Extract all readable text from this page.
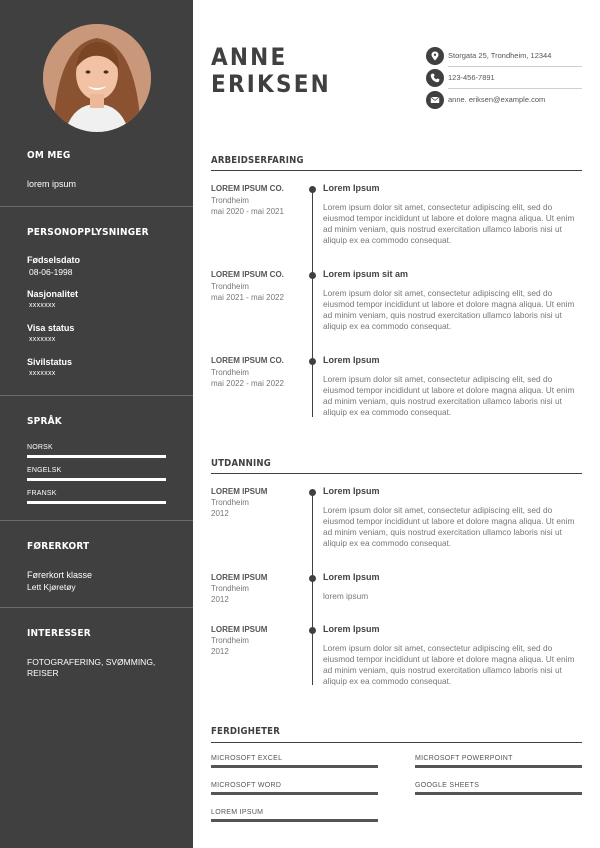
OM MEG
lorem ipsum
PERSONOPPLYSNINGER
Fødselsdato
08-06-1998
Nasjonalitet
xxxxxxx
Visa status
xxxxxxx
Sivilstatus
xxxxxxx
SPRÅK
NORSK
ENGELSK
FRANSK
FØRERKORT
Førerkort klasse
Lett Kjøretøy
INTERESSER
FOTOGRAFERING, SVØMMING,
REISER
ANNE
ERIKSEN
Storgata 25, Trondheim, 12344
123-456-7891
anne. eriksen@example.com
ARBEIDSERFARING
LOREM IPSUM CO.
Trondheim
mai 2020 - mai 2021
Lorem Ipsum
Lorem ipsum dolor sit amet, consectetur adipiscing elit, sed do eiusmod tempor incididunt ut labore et dolore magna aliqua. Ut enim ad minim veniam, quis nostrud exercitation ullamco laboris nisi ut aliquip ex ea commodo consequat.
LOREM IPSUM CO.
Trondheim
mai 2021 - mai 2022
Lorem ipsum sit am
Lorem ipsum dolor sit amet, consectetur adipiscing elit, sed do eiusmod tempor incididunt ut labore et dolore magna aliqua. Ut enim ad minim veniam, quis nostrud exercitation ullamco laboris nisi ut aliquip ex ea commodo consequat.
LOREM IPSUM CO.
Trondheim
mai 2022 - mai 2022
Lorem Ipsum
Lorem ipsum dolor sit amet, consectetur adipiscing elit, sed do eiusmod tempor incididunt ut labore et dolore magna aliqua. Ut enim ad minim veniam, quis nostrud exercitation ullamco laboris nisi ut aliquip ex ea commodo consequat.
UTDANNING
LOREM IPSUM
Trondheim
2012
Lorem Ipsum
Lorem ipsum dolor sit amet, consectetur adipiscing elit, sed do eiusmod tempor incididunt ut labore et dolore magna aliqua. Ut enim ad minim veniam, quis nostrud exercitation ullamco laboris nisi ut aliquip ex ea commodo consequat.
LOREM IPSUM
Trondheim
2012
Lorem Ipsum
lorem ipsum
LOREM IPSUM
Trondheim
2012
Lorem Ipsum
Lorem ipsum dolor sit amet, consectetur adipiscing elit, sed do eiusmod tempor incididunt ut labore et dolore magna aliqua. Ut enim ad minim veniam, quis nostrud exercitation ullamco laboris nisi ut aliquip ex ea commodo consequat.
FERDIGHETER
MICROSOFT EXCEL	MICROSOFT POWERPOINT
MICROSOFT WORD	GOOGLE SHEETS
LOREM IPSUM
